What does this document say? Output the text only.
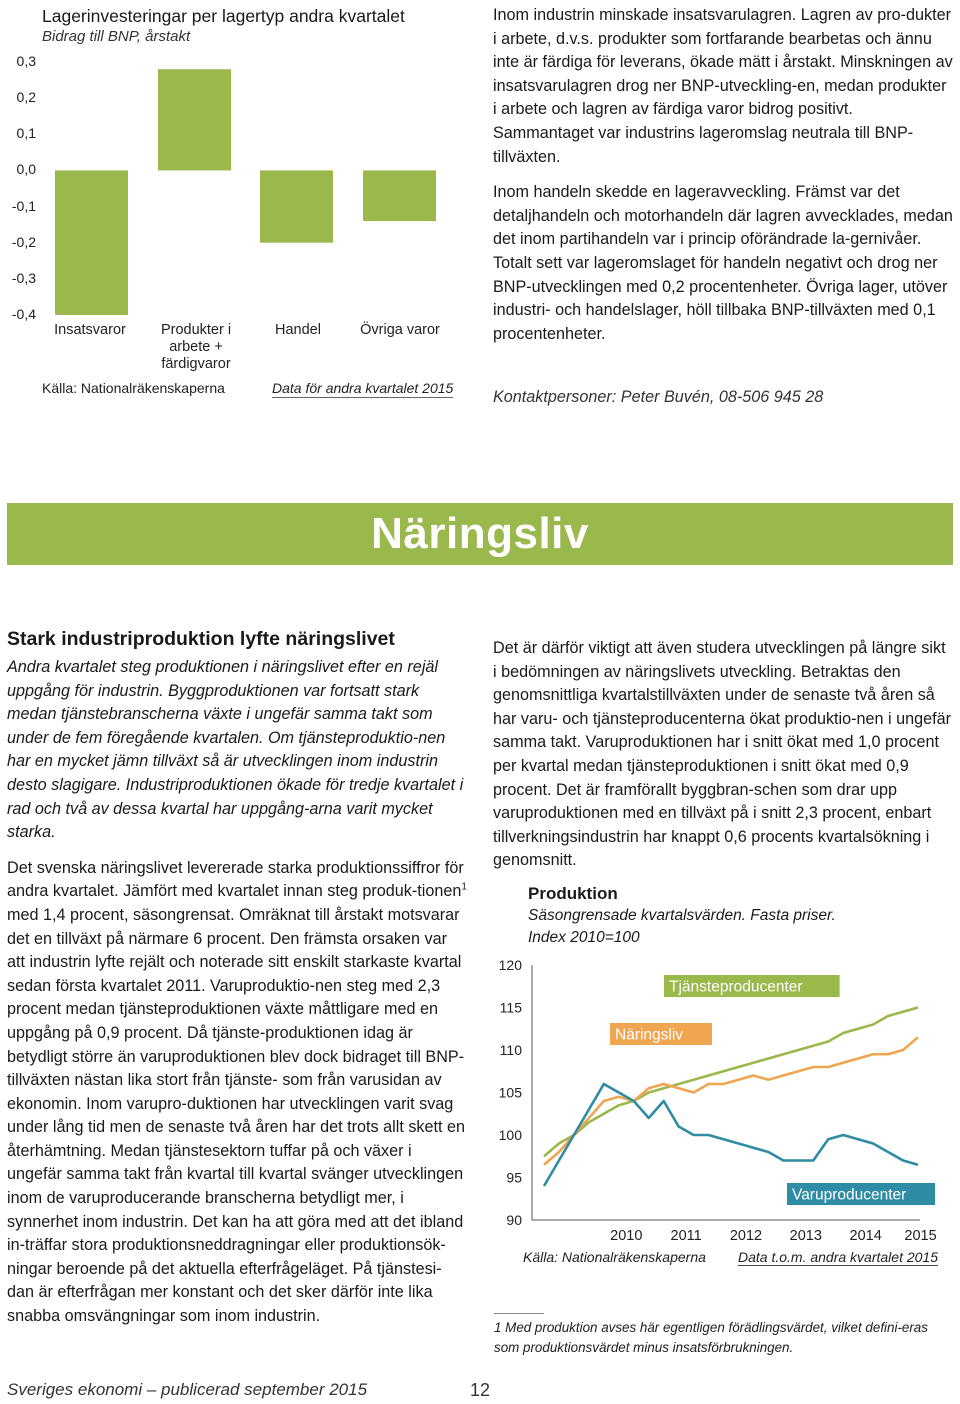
Lagerinvesteringar per lagertyp andra kvartalet
Bidrag till BNP, årstakt
0,3
0,2
0,1
0,0
-0,1
-0,2
-0,3
-0,4
Insatsvaror	Produkter i
arbete +
färdigvaror
Handel	Övriga varor
Källa: Nationalräkenskaperna	Data för andra kvartalet 2015

Inom industrin minskade insatsvarulagren. Lagren av pro-dukter i arbete, d.v.s. produkter som fortfarande bearbetas och ännu inte är färdiga för leverans, ökade mätt i årstakt. Minskningen av insatsvarulagren drog ner BNP-utveckling-en, medan produkter i arbete och lagren av färdiga varor bidrog positivt. Sammantaget var industrins lageromslag neutrala till BNP-tillväxten.

Inom handeln skedde en lageravveckling. Främst var det detaljhandeln och motorhandeln där lagren avvecklades, medan det inom partihandeln var i princip oförändrade la-gernivåer. Totalt sett var lageromslaget för handeln negativt och drog ner BNP-utvecklingen med 0,2 procentenheter. Övriga lager, utöver industri- och handelslager, höll tillbaka BNP-tillväxten med 0,1 procentenheter.

Kontaktpersoner: Peter Buvén, 08-506 945 28

Näringsliv
Stark industriproduktion lyfte näringslivet

Andra kvartalet steg produktionen i näringslivet efter en rejäl uppgång för industrin. Byggproduktionen var fortsatt stark medan tjänstebranscherna växte i ungefär samma takt som under de fem föregående kvartalen. Om tjänsteproduktio-nen har en mycket jämn tillväxt så är utvecklingen inom industrin desto slagigare. Industriproduktionen ökade för tredje kvartalet i rad och två av dessa kvartal har uppgång-arna varit mycket starka.

Det svenska näringslivet levererade starka produktionssiffror för andra kvartalet. Jämfört med kvartalet innan steg produk-tionen$^1$ med 1,4 procent, säsongrensat. Omräknat till årstakt motsvarar det en tillväxt på närmare 6 procent. Den främsta orsaken var att industrin lyfte rejält och noterade sitt enskilt starkaste kvartal sedan första kvartalet 2011. Varuproduktio-nen steg med 2,3 procent medan tjänsteproduktionen växte måttligare med en uppgång på 0,9 procent. Då tjänste-produktionen idag är betydligt större än varuproduktionen blev dock bidraget till BNP-tillväxten nästan lika stort från tjänste- som från varusidan av ekonomin. Inom varupro-duktionen har utvecklingen varit svag under lång tid men de senaste två åren har det trots allt skett en återhämtning. Medan tjänstesektorn tuffar på och växer i ungefär samma takt från kvartal till kvartal svänger utvecklingen inom de varuproducerande branscherna betydligt mer, i synnerhet inom industrin. Det kan ha att göra med att det ibland in-träffar stora produktionsneddragningar eller produktionsök-ningar beroende på det aktuella efterfrågeläget. På tjänstesi-dan är efterfrågan mer konstant och det sker därför inte lika snabba omsvängningar som inom industrin.

Det är därför viktigt att även studera utvecklingen på längre sikt i bedömningen av näringslivets utveckling. Betraktas den genomsnittliga kvartalstillväxten under de senaste två åren så har varu- och tjänsteproducenterna ökat produktio-nen i ungefär samma takt. Varuproduktionen har i snitt ökat med 1,0 procent per kvartal medan tjänsteproduktionen i snitt ökat med 0,9 procent. Det är framförallt byggbran-schen som drar upp varuproduktionen med en tillväxt på i snitt 2,3 procent, enbart tillverkningsindustrin har knappt 0,6 procents kvartalsökning i genomsnitt.

Produktion
Säsongrensade kvartalsvärden. Fasta priser.
Index 2010=100
120
115
110
105
100
95
90
2010 2011 2012 2013 2014 2015
Tjänsteproducenter
Näringsliv
Varuproducenter
Källa: Nationalräkenskaperna Data t.o.m. andra kvartalet 2015
1 Med produktion avses här egentligen förädlingsvärdet, vilket defini-eras som produktionsvärdet minus insatsförbrukningen.
Sveriges ekonomi – publicerad september 2015	12
